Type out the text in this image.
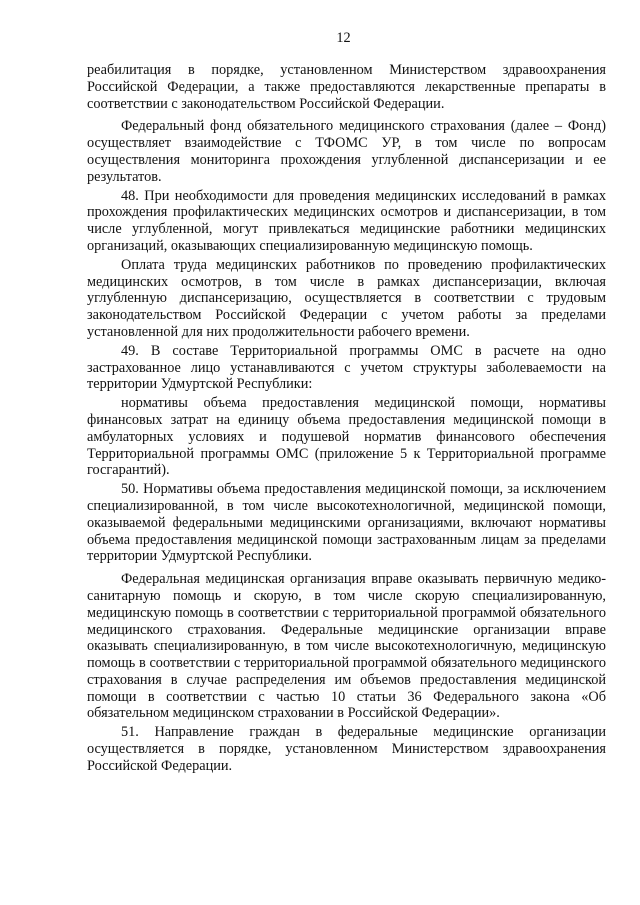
12

реабилитация в порядке, установленном Министерством здравоохранения Российской Федерации, а также предоставляются лекарственные препараты в соответствии с законодательством Российской Федерации.

Федеральный фонд обязательного медицинского страхования (далее – Фонд) осуществляет взаимодействие с ТФОМС УР, в том числе по вопросам осуществления мониторинга прохождения углубленной диспансеризации и ее результатов.

48. При необходимости для проведения медицинских исследований в рамках прохождения профилактических медицинских осмотров и диспансеризации, в том числе углубленной, могут привлекаться медицинские работники медицинских организаций, оказывающих специализированную медицинскую помощь.

Оплата труда медицинских работников по проведению профилактических медицинских осмотров, в том числе в рамках диспансеризации, включая углубленную диспансеризацию, осуществляется в соответствии с трудовым законодательством Российской Федерации с учетом работы за пределами установленной для них продолжительности рабочего времени.

49. В составе Территориальной программы ОМС в расчете на одно застрахованное лицо устанавливаются с учетом структуры заболеваемости на территории Удмуртской Республики:

нормативы объема предоставления медицинской помощи, нормативы финансовых затрат на единицу объема предоставления медицинской помощи в амбулаторных условиях и подушевой норматив финансового обеспечения Территориальной программы ОМС (приложение 5 к Территориальной программе госгарантий).

50. Нормативы объема предоставления медицинской помощи, за исключением специализированной, в том числе высокотехнологичной, медицинской помощи, оказываемой федеральными медицинскими организациями, включают нормативы объема предоставления медицинской помощи застрахованным лицам за пределами территории Удмуртской Республики.

Федеральная медицинская организация вправе оказывать первичную медико-санитарную помощь и скорую, в том числе скорую специализированную, медицинскую помощь в соответствии с территориальной программой обязательного медицинского страхования. Федеральные медицинские организации вправе оказывать специализированную, в том числе высокотехнологичную, медицинскую помощь в соответствии с территориальной программой обязательного медицинского страхования в случае распределения им объемов предоставления медицинской помощи в соответствии с частью 10 статьи 36 Федерального закона «Об обязательном медицинском страховании в Российской Федерации».

51. Направление граждан в федеральные медицинские организации осуществляется в порядке, установленном Министерством здравоохранения Российской Федерации.
